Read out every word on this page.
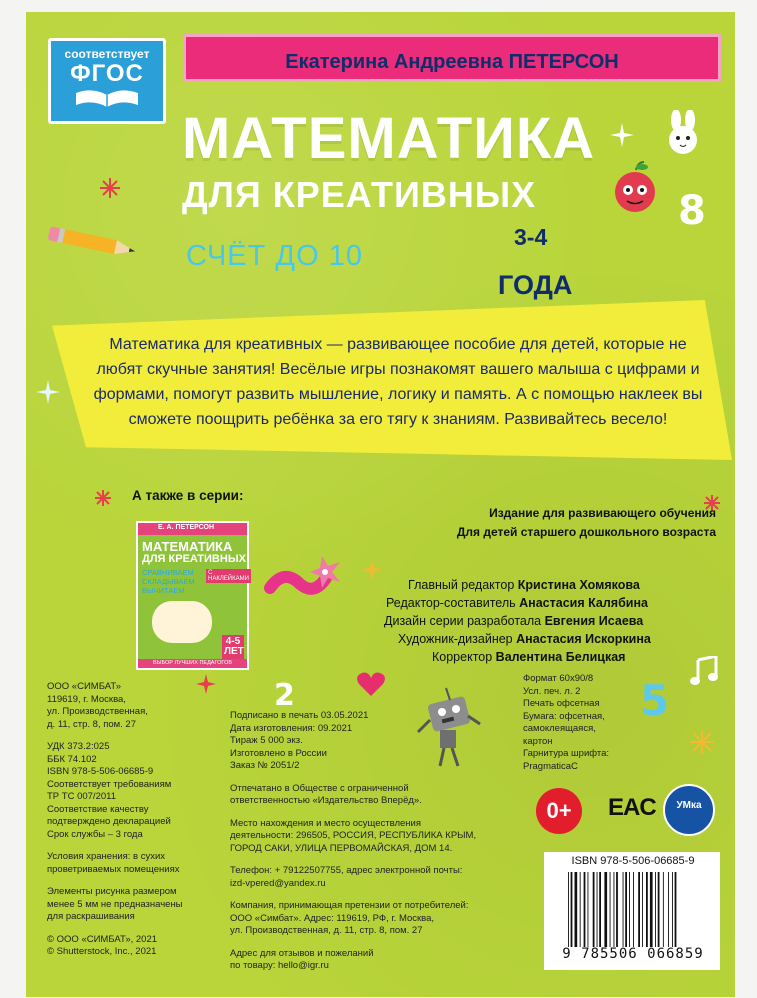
соответствует
ФГОС	Екатерина Андреевна ПЕТЕРСОН
МАТЕМАТИКА
ДЛЯ КРЕАТИВНЫХ
СЧЁТ ДО 10
3-4
ГОДА
8
2	5
Математика для креативных — развивающее пособие для детей, которые не любят скучные занятия! Весёлые игры познакомят вашего малыша с цифрами и формами, помогут развить мышление, логику и память. А с помощью наклеек вы сможете поощрить ребёнка за его тягу к знаниям. Развивайтесь весело!
А также в серии:
Е. А. ПЕТЕРСОН
МАТЕМАТИКА
ДЛЯ КРЕАТИВНЫХ
СРАВНИВАЕМ СКЛАДЫВАЕМ ВЫЧИТАЕМ
С НАКЛЕЙКАМИ
4-5 ЛЕТ
ВЫБОР ЛУЧШИХ ПЕДАГОГОВ
Издание для развивающего обучения
Для детей старшего дошкольного возраста
Главный редактор Кристина Хомякова
Редактор-составитель Анастасия Калябина
Дизайн серии разработала Евгения Исаева
Художник-дизайнер Анастасия Искоркина
Корректор Валентина Белицкая
ООО «СИМБАТ»
119619, г. Москва,
ул. Производственная,
д. 11, стр. 8, пом. 27
УДК 373.2:025
ББК 74.102
ISBN 978-5-506-06685-9
Соответствует требованиям
ТР ТС 007/2011
Соответствие качеству
подтверждено декларацией
Срок службы – 3 года
Условия хранения: в сухих
проветриваемых помещениях
Элементы рисунка размером
менее 5 мм не предназначены
для раскрашивания
© ООО «СИМБАТ», 2021
© Shutterstock, Inc., 2021
Подписано в печать 03.05.2021
Дата изготовления: 09.2021
Тираж 5 000 экз.
Изготовлено в России
Заказ № 2051/2
Отпечатано в Обществе с ограниченной
ответственностью «Издательство Вперёд».
Место нахождения и место осуществления
деятельности: 296505, РОССИЯ, РЕСПУБЛИКА КРЫМ,
ГОРОД САКИ, УЛИЦА ПЕРВОМАЙСКАЯ, ДОМ 14.
Телефон: + 79122507755, адрес электронной почты:
izd-vpered@yandex.ru
Компания, принимающая претензии от потребителей:
ООО «Симбат». Адрес: 119619, РФ, г. Москва,
ул. Производственная, д. 11, стр. 8, пом. 27
Адрес для отзывов и пожеланий
по товару: hello@igr.ru
Формат 60х90/8
Усл. печ. л. 2
Печать офсетная
Бумага: офсетная,
самоклеящаяся,
картон
Гарнитура шрифта:
PragmaticaC
0+	EAC	УМка
ISBN 978-5-506-06685-9
9 785506 066859
